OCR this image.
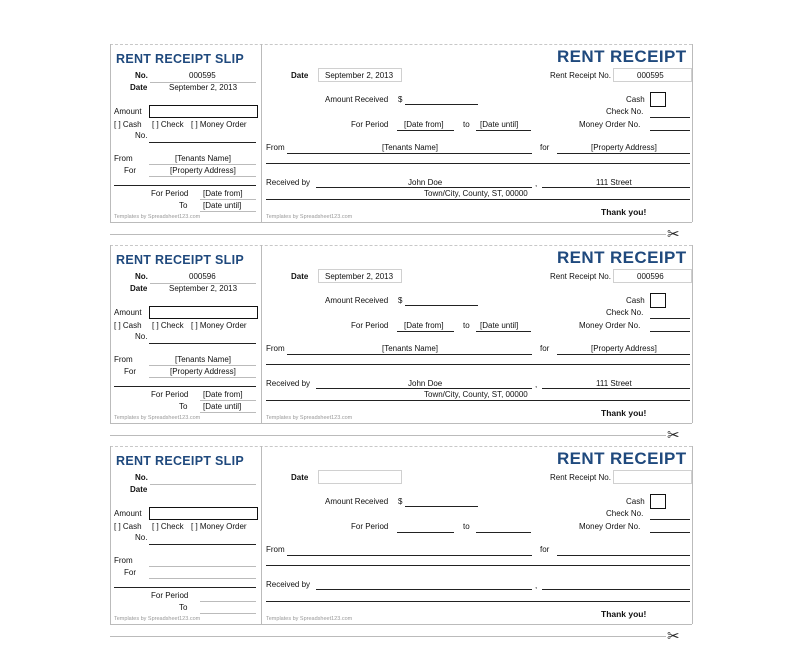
RENT RECEIPT SLIP
No.	000595
Date	September 2, 2013
Amount
[ ] Cash [ ] Check [ ] Money Order
No.
From	[Tenants Name]
For	[Property Address]
For Period [Date from]
To [Date until]
Templates by Spreadsheet123.com
RENT RECEIPT
Date September 2, 2013	Rent Receipt No.	000595
Amount Received $	Cash
Check No.
For Period [Date from] to [Date until]	Money Order No.
From	[Tenants Name]	for	[Property Address]
Received by	John Doe	,	111 Street
Town/City, County, ST, 00000
Thank you!
Templates by Spreadsheet123.com
✂
RENT RECEIPT SLIP
No.	000596
Date	September 2, 2013
Amount
[ ] Cash [ ] Check [ ] Money Order
No.
From	[Tenants Name]
For	[Property Address]
For Period [Date from]
To [Date until]
Templates by Spreadsheet123.com
RENT RECEIPT
Date September 2, 2013	Rent Receipt No.	000596
Amount Received $	Cash
Check No.
For Period [Date from] to [Date until]	Money Order No.
From	[Tenants Name]	for	[Property Address]
Received by	John Doe	,	111 Street
Town/City, County, ST, 00000
Thank you!
Templates by Spreadsheet123.com
✂
RENT RECEIPT SLIP
No.
Date
Amount
[ ] Cash [ ] Check [ ] Money Order
No.
From
For
For Period
To
Templates by Spreadsheet123.com
RENT RECEIPT
Date	Rent Receipt No.
Amount Received $	Cash
Check No.
For Period	to	Money Order No.
From	for
Received by	,
Thank you!
Templates by Spreadsheet123.com
✂
